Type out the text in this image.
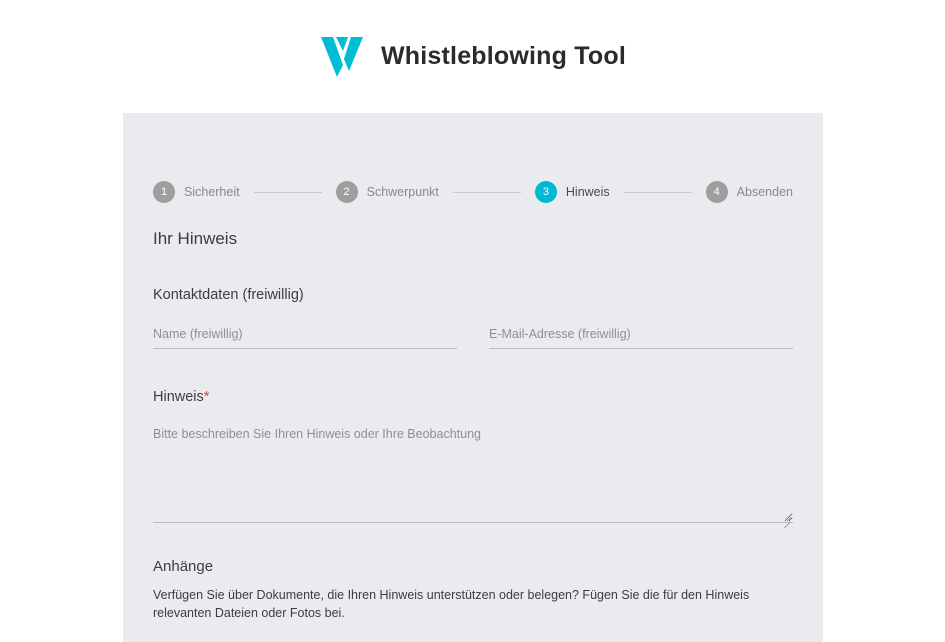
Whistleblowing Tool
1	Sicherheit	2	Schwerpunkt	3	Hinweis	4	Absenden
Ihr Hinweis
Kontaktdaten (freiwillig)
Name (freiwillig)
E-Mail-Adresse (freiwillig)
Hinweis*
Bitte beschreiben Sie Ihren Hinweis oder Ihre Beobachtung
Anhänge

Verfügen Sie über Dokumente, die Ihren Hinweis unterstützen oder belegen? Fügen Sie die für den Hinweis relevanten Dateien oder Fotos bei.
